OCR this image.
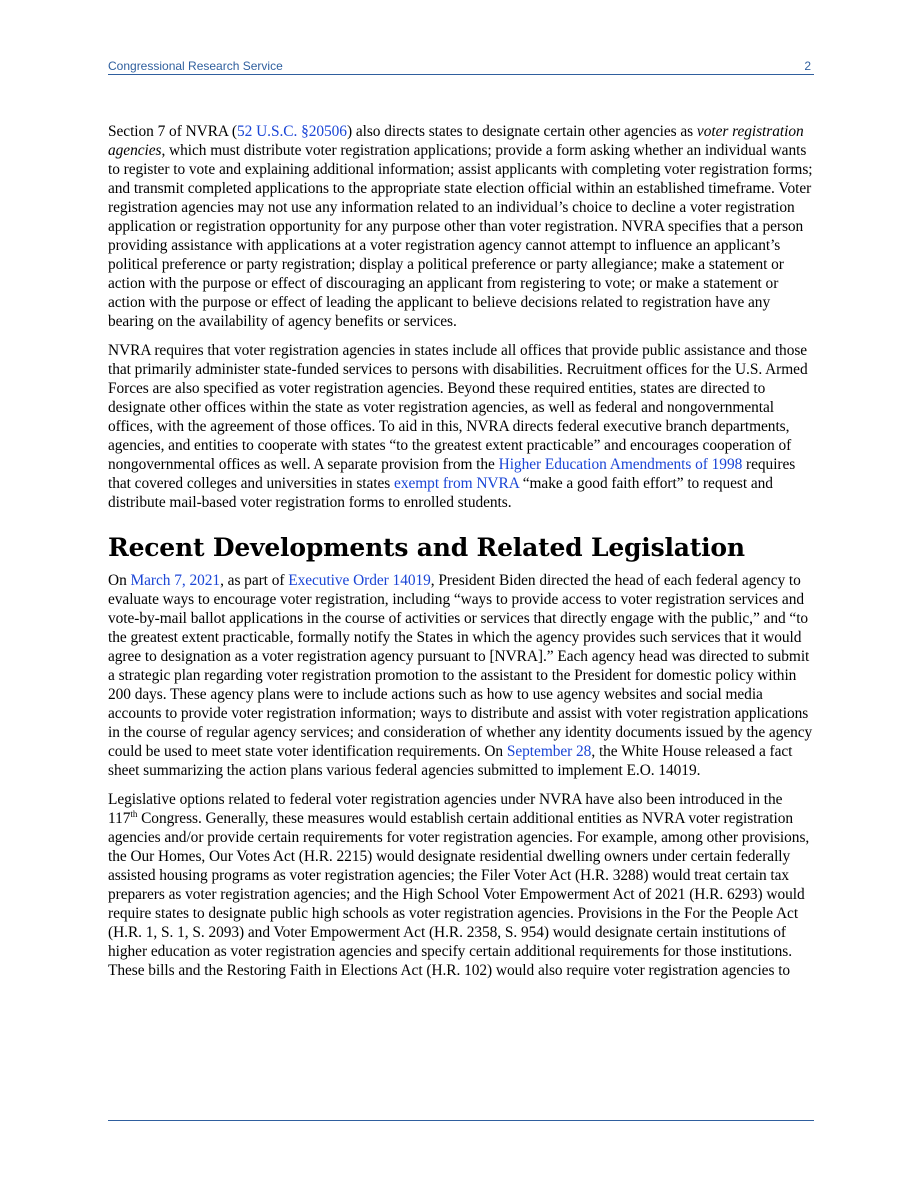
Congressional Research Service	2

Section 7 of NVRA (52 U.S.C. §20506) also directs states to designate certain other agencies as voter registration agencies, which must distribute voter registration applications; provide a form asking whether an individual wants to register to vote and explaining additional information; assist applicants with completing voter registration forms; and transmit completed applications to the appropriate state election official within an established timeframe. Voter registration agencies may not use any information related to an individual’s choice to decline a voter registration application or registration opportunity for any purpose other than voter registration. NVRA specifies that a person providing assistance with applications at a voter registration agency cannot attempt to influence an applicant’s political preference or party registration; display a political preference or party allegiance; make a statement or action with the purpose or effect of discouraging an applicant from registering to vote; or make a statement or action with the purpose or effect of leading the applicant to believe decisions related to registration have any bearing on the availability of agency benefits or services.

NVRA requires that voter registration agencies in states include all offices that provide public assistance and those that primarily administer state-funded services to persons with disabilities. Recruitment offices for the U.S. Armed Forces are also specified as voter registration agencies. Beyond these required entities, states are directed to designate other offices within the state as voter registration agencies, as well as federal and nongovernmental offices, with the agreement of those offices. To aid in this, NVRA directs federal executive branch departments, agencies, and entities to cooperate with states “to the greatest extent practicable” and encourages cooperation of nongovernmental offices as well. A separate provision from the Higher Education Amendments of 1998 requires that covered colleges and universities in states exempt from NVRA “make a good faith effort” to request and distribute mail-based voter registration forms to enrolled students.

Recent Developments and Related Legislation

On March 7, 2021, as part of Executive Order 14019, President Biden directed the head of each federal agency to evaluate ways to encourage voter registration, including “ways to provide access to voter registration services and vote-by-mail ballot applications in the course of activities or services that directly engage with the public,” and “to the greatest extent practicable, formally notify the States in which the agency provides such services that it would agree to designation as a voter registration agency pursuant to [NVRA].” Each agency head was directed to submit a strategic plan regarding voter registration promotion to the assistant to the President for domestic policy within 200 days. These agency plans were to include actions such as how to use agency websites and social media accounts to provide voter registration information; ways to distribute and assist with voter registration applications in the course of regular agency services; and consideration of whether any identity documents issued by the agency could be used to meet state voter identification requirements. On September 28, the White House released a fact sheet summarizing the action plans various federal agencies submitted to implement E.O. 14019.

Legislative options related to federal voter registration agencies under NVRA have also been introduced in the 117th Congress. Generally, these measures would establish certain additional entities as NVRA voter registration agencies and/or provide certain requirements for voter registration agencies. For example, among other provisions, the Our Homes, Our Votes Act (H.R. 2215) would designate residential dwelling owners under certain federally assisted housing programs as voter registration agencies; the Filer Voter Act (H.R. 3288) would treat certain tax preparers as voter registration agencies; and the High School Voter Empowerment Act of 2021 (H.R. 6293) would require states to designate public high schools as voter registration agencies. Provisions in the For the People Act (H.R. 1, S. 1, S. 2093) and Voter Empowerment Act (H.R. 2358, S. 954) would designate certain institutions of higher education as voter registration agencies and specify certain additional requirements for those institutions. These bills and the Restoring Faith in Elections Act (H.R. 102) would also require voter registration agencies to
